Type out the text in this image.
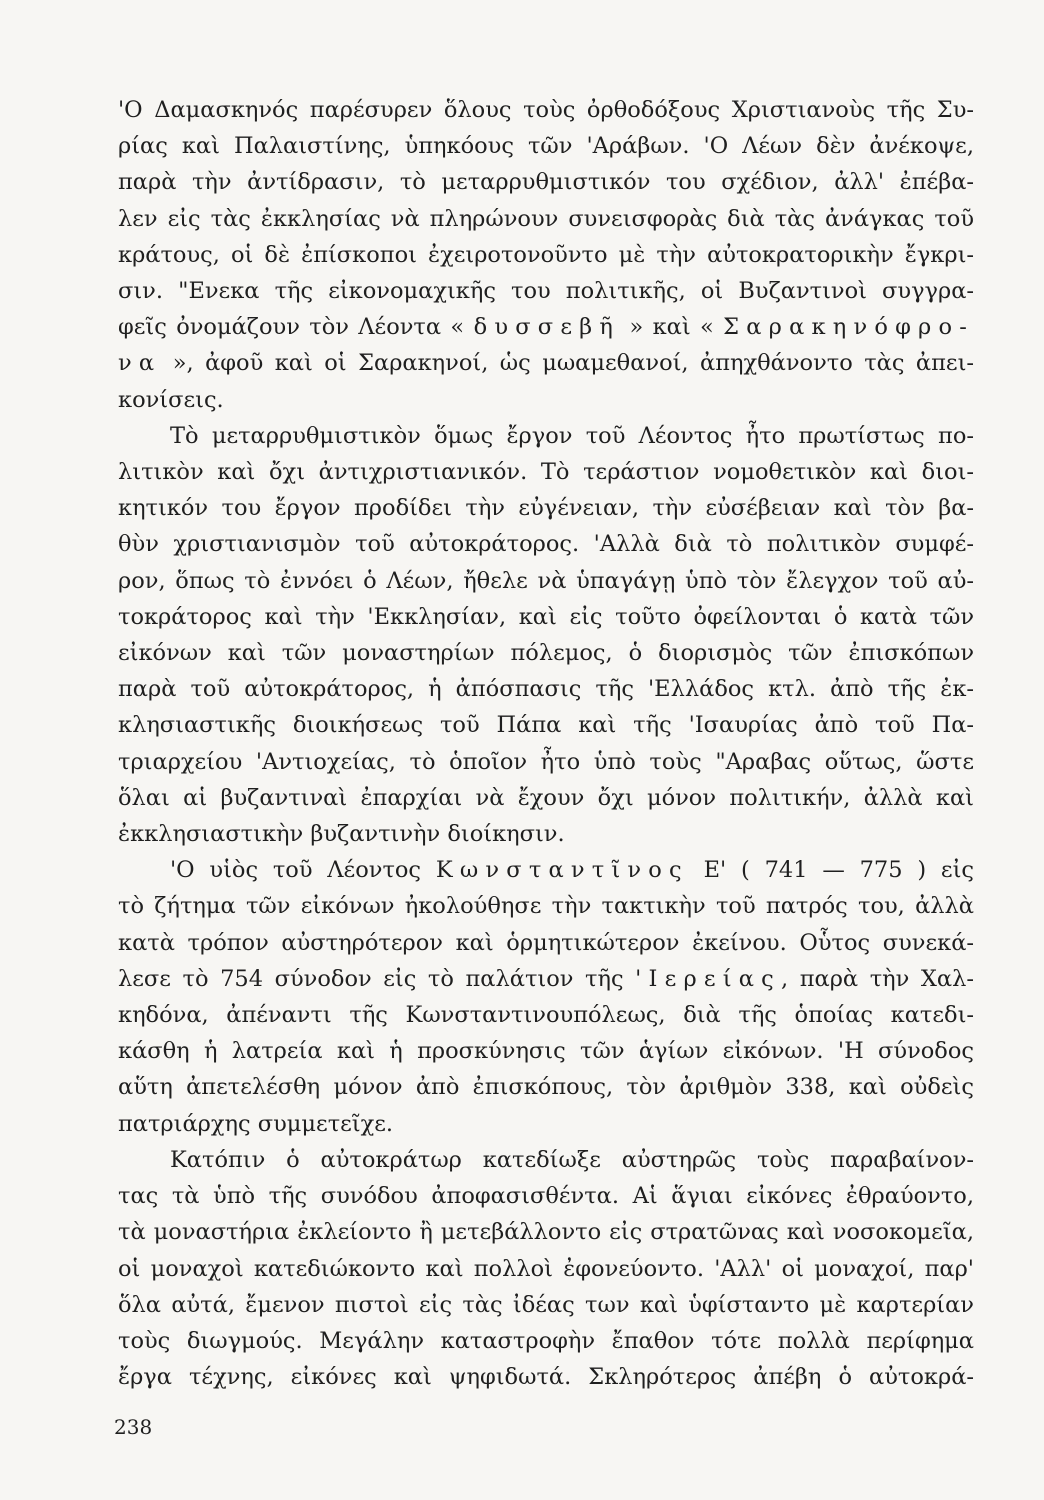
'Ο Δαμασκηνός παρέσυρεν ὅλους τοὺς ὀρθοδόξους Χριστιανοὺς τῆς Συ-

ρίας καὶ Παλαιστίνης, ὑπηκόους τῶν 'Αράβων. 'Ο Λέων δὲν ἀνέκοψε,

παρὰ τὴν ἀντίδρασιν, τὸ μεταρρυθμιστικόν του σχέδιον, ἀλλ' ἐπέβα-

λεν εἰς τὰς ἐκκλησίας νὰ πληρώνουν συνεισφορὰς διὰ τὰς ἀνάγκας τοῦ

κράτους, οἱ δὲ ἐπίσκοποι ἐχειροτονοῦντο μὲ τὴν αὐτοκρατορικὴν ἔγκρι-

σιν. "Ενεκα τῆς εἰκονομαχικῆς του πολιτικῆς, οἱ Βυζαντινοὶ συγγρα-

φεῖς ὀνομάζουν τὸν Λέοντα « δυσσεβῆ » καὶ « Σαρακηνόφρο-

να », ἀφοῦ καὶ οἱ Σαρακηνοί, ὡς μωαμεθανοί, ἀπηχθάνοντο τὰς ἀπει-

κονίσεις.

Τὸ μεταρρυθμιστικὸν ὅμως ἔργον τοῦ Λέοντος ἦτο πρωτίστως πο-

λιτικὸν καὶ ὄχι ἀντιχριστιανικόν. Τὸ τεράστιον νομοθετικὸν καὶ διοι-

κητικόν του ἔργον προδίδει τὴν εὐγένειαν, τὴν εὐσέβειαν καὶ τὸν βα-

θὺν χριστιανισμὸν τοῦ αὐτοκράτορος. 'Αλλὰ διὰ τὸ πολιτικὸν συμφέ-

ρον, ὅπως τὸ ἐννόει ὁ Λέων, ἤθελε νὰ ὑπαγάγῃ ὑπὸ τὸν ἔλεγχον τοῦ αὐ-

τοκράτορος καὶ τὴν 'Εκκλησίαν, καὶ εἰς τοῦτο ὀφείλονται ὁ κατὰ τῶν

εἰκόνων καὶ τῶν μοναστηρίων πόλεμος, ὁ διορισμὸς τῶν ἐπισκόπων

παρὰ τοῦ αὐτοκράτορος, ἡ ἀπόσπασις τῆς 'Ελλάδος κτλ. ἀπὸ τῆς ἐκ-

κλησιαστικῆς διοικήσεως τοῦ Πάπα καὶ τῆς 'Ισαυρίας ἀπὸ τοῦ Πα-

τριαρχείου 'Αντιοχείας, τὸ ὁποῖον ἦτο ὑπὸ τοὺς "Αραβας οὕτως, ὥστε

ὅλαι αἱ βυζαντιναὶ ἐπαρχίαι νὰ ἔχουν ὄχι μόνον πολιτικήν, ἀλλὰ καὶ

ἐκκλησιαστικὴν βυζαντινὴν διοίκησιν.

'Ο υἱὸς τοῦ Λέοντος Κωνσταντῖνος Ε' ( 741 — 775 ) εἰς

τὸ ζήτημα τῶν εἰκόνων ἠκολούθησε τὴν τακτικὴν τοῦ πατρός του, ἀλλὰ

κατὰ τρόπον αὐστηρότερον καὶ ὁρμητικώτερον ἐκείνου. Οὗτος συνεκά-

λεσε τὸ 754 σύνοδον εἰς τὸ παλάτιον τῆς 'Ιερείας, παρὰ τὴν Χαλ-

κηδόνα, ἀπέναντι τῆς Κωνσταντινουπόλεως, διὰ τῆς ὁποίας κατεδι-

κάσθη ἡ λατρεία καὶ ἡ προσκύνησις τῶν ἁγίων εἰκόνων. 'Η σύνοδος

αὕτη ἀπετελέσθη μόνον ἀπὸ ἐπισκόπους, τὸν ἀριθμὸν 338, καὶ οὐδεὶς

πατριάρχης συμμετεῖχε.

Κατόπιν ὁ αὐτοκράτωρ κατεδίωξε αὐστηρῶς τοὺς παραβαίνον-

τας τὰ ὑπὸ τῆς συνόδου ἀποφασισθέντα. Αἱ ἅγιαι εἰκόνες ἐθραύοντο,

τὰ μοναστήρια ἐκλείοντο ἢ μετεβάλλοντο εἰς στρατῶνας καὶ νοσοκομεῖα,

οἱ μοναχοὶ κατεδιώκοντο καὶ πολλοὶ ἐφονεύοντο. 'Αλλ' οἱ μοναχοί, παρ'

ὅλα αὐτά, ἔμενον πιστοὶ εἰς τὰς ἰδέας των καὶ ὑφίσταντο μὲ καρτερίαν

τοὺς διωγμούς. Μεγάλην καταστροφὴν ἔπαθον τότε πολλὰ περίφημα

ἔργα τέχνης, εἰκόνες καὶ ψηφιδωτά. Σκληρότερος ἀπέβη ὁ αὐτοκρά-

238
